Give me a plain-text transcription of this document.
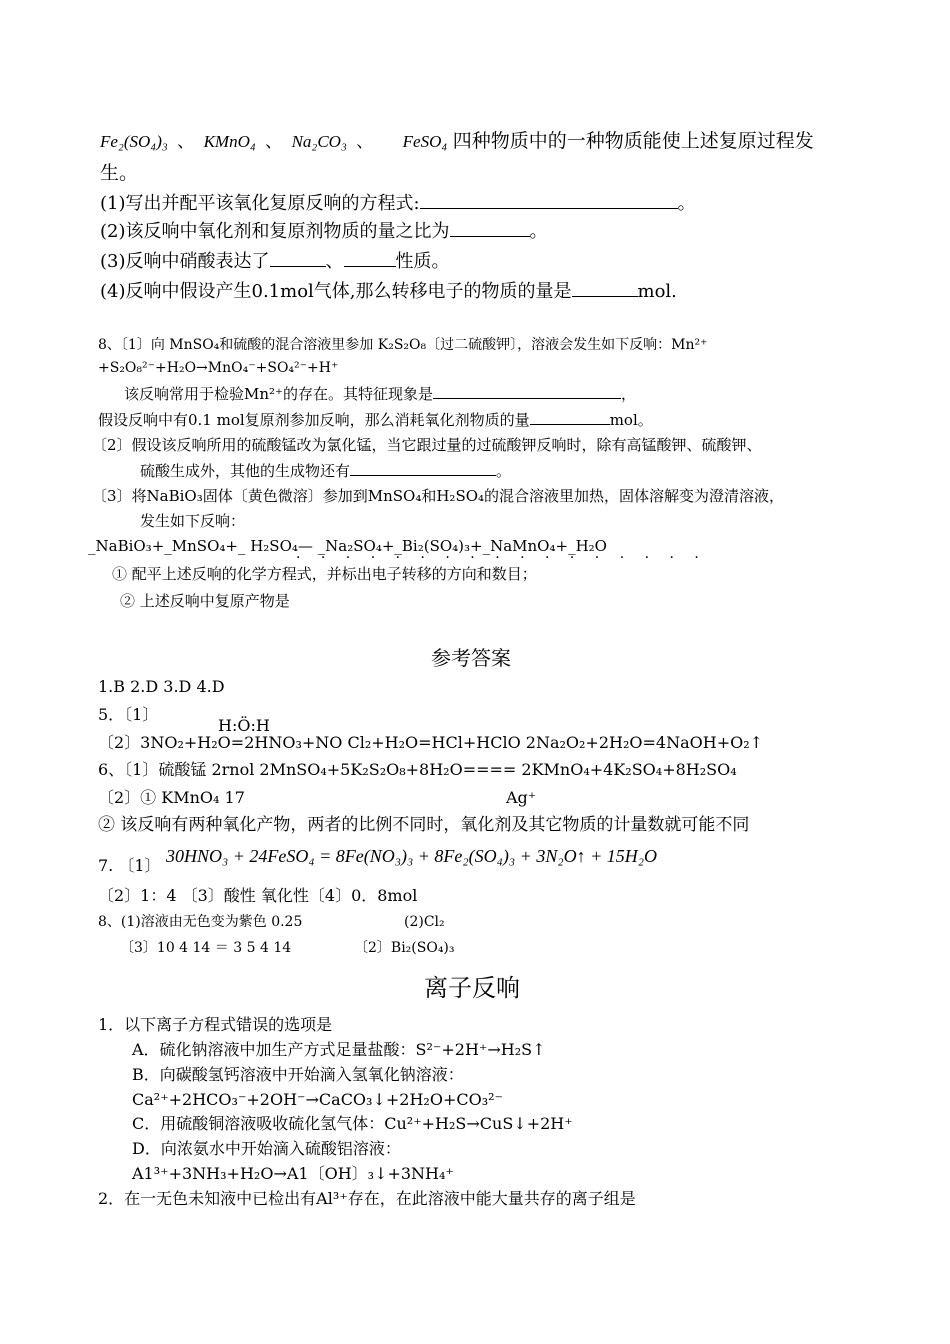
Fe₂(SO₄)₃ 、 KMnO₄ 、 Na₂CO₃ 、 FeSO₄ 四种物质中的一种物质能使上述复原过程发
生。
(1)写出并配平该氧化复原反响的方程式:	。
(2)该反响中氧化剂和复原剂物质的量之比为	。
(3)反响中硝酸表达了	、	性质。
(4)反响中假设产生0.1mol气体,那么转移电子的物质的量是	mol.
8、〔1〕向 MnSO₄和硫酸的混合溶液里参加 K₂S₂O₈〔过二硫酸钾〕，溶液会发生如下反响：Mn²⁺
+S₂O₈²⁻+H₂O→MnO₄⁻+SO₄²⁻+H⁺
该反响常用于检验Mn²⁺的存在。其特征现象是	，
假设反响中有0.1 mol复原剂参加反响，那么消耗氧化剂物质的量	mol。
〔2〕假设该反响所用的硫酸锰改为氯化锰，当它跟过量的过硫酸钾反响时，除有高锰酸钾、硫酸钾、
硫酸生成外，其他的生成物还有	。
〔3〕将NaBiO₃固体〔黄色微溶〕参加到MnSO₄和H₂SO₄的混合溶液里加热，固体溶解变为澄清溶液，
发生如下反响：
_NaBiO₃+_MnSO₄+_ H₂SO₄— _Na₂SO₄+_Bi₂(SO₄)₃+_NaMnO₄+_H₂O
· · · · · · · · · · · · · · · · ·
① 配平上述反响的化学方程式，并标出电子转移的方向和数目；
② 上述反响中复原产物是
参考答案
1.B 2.D 3.D 4.D
5．〔1〕
H:Ö:H
〔2〕3NO₂+H₂O=2HNO₃+NO Cl₂+H₂O=HCl+HClO 2Na₂O₂+2H₂O=4NaOH+O₂↑
6、〔1〕硫酸锰 2rnol 2MnSO₄+5K₂S₂O₈+8H₂O==== 2KMnO₄+4K₂SO₄+8H₂SO₄
〔2〕① KMnO₄ 17	Ag⁺
② 该反响有两种氧化产物，两者的比例不同时，氧化剂及其它物质的计量数就可能不同
7. 〔1〕 30HNO₃ + 24FeSO₄ = 8Fe(NO₃)₃ + 8Fe₂(SO₄)₃ + 3N₂O↑ + 15H₂O
〔2〕1：4 〔3〕酸性 氧化性〔4〕0．8mol
8、(1)溶液由无色变为紫色 0.25	(2)Cl₂
〔3〕10 4 14 ＝ 3 5 4 14	〔2〕Bi₂(SO₄)₃
离子反响
1．以下离子方程式错误的选项是
A．硫化钠溶液中加生产方式足量盐酸：S²⁻+2H⁺→H₂S↑
B．向碳酸氢钙溶液中开始滴入氢氧化钠溶液：
Ca²⁺+2HCO₃⁻+2OH⁻→CaCO₃↓+2H₂O+CO₃²⁻
C．用硫酸铜溶液吸收硫化氢气体：Cu²⁺+H₂S→CuS↓+2H⁺
D．向浓氨水中开始滴入硫酸铝溶液：
A1³⁺+3NH₃+H₂O→A1〔OH〕₃↓+3NH₄⁺
2．在一无色未知液中已检出有Al³⁺存在，在此溶液中能大量共存的离子组是
